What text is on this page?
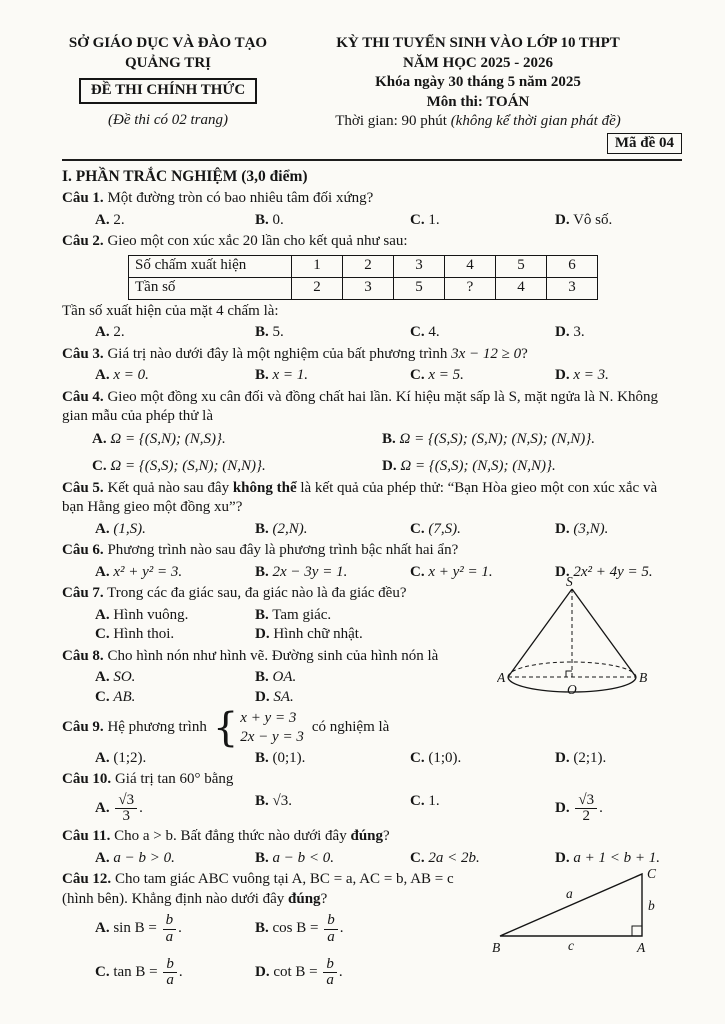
SỞ GIÁO DỤC VÀ ĐÀO TẠO
QUẢNG TRỊ
ĐỀ THI CHÍNH THỨC
(Đề thi có 02 trang)
KỲ THI TUYỂN SINH VÀO LỚP 10 THPT
NĂM HỌC 2025 - 2026
Khóa ngày 30 tháng 5 năm 2025
Môn thi: TOÁN
Thời gian: 90 phút (không kể thời gian phát đề)
Mã đề 04
I. PHẦN TRẮC NGHIỆM (3,0 điểm)
Câu 1. Một đường tròn có bao nhiêu tâm đối xứng?
A. 2.	B. 0.	C. 1.	D. Vô số.
Câu 2. Gieo một con xúc xắc 20 lần cho kết quả như sau:
Số chấm xuất hiện	1	2	3	4	5	6
Tần số	2	3	5	?	4	3
Tần số xuất hiện của mặt 4 chấm là:
A. 2.	B. 5.	C. 4.	D. 3.
Câu 3. Giá trị nào dưới đây là một nghiệm của bất phương trình 3x − 12 ≥ 0?
A. x = 0.	B. x = 1.	C. x = 5.	D. x = 3.
Câu 4. Gieo một đồng xu cân đối và đồng chất hai lần. Kí hiệu mặt sấp là S, mặt ngửa là N. Không gian mẫu của phép thử là
A. Ω = {(S,N); (N,S)}.	B. Ω = {(S,S); (S,N); (N,S); (N,N)}.
C. Ω = {(S,S); (S,N); (N,N)}.	D. Ω = {(S,S); (N,S); (N,N)}.
Câu 5. Kết quả nào sau đây không thể là kết quả của phép thử: “Bạn Hòa gieo một con xúc xắc và bạn Hằng gieo một đồng xu”?
A. (1,S).	B. (2,N).	C. (7,S).	D. (3,N).
Câu 6. Phương trình nào sau đây là phương trình bậc nhất hai ẩn?
A. x² + y² = 3.	B. 2x − 3y = 1.	C. x + y² = 1.	D. 2x² + 4y = 5.
Câu 7. Trong các đa giác sau, đa giác nào là đa giác đều?
A. Hình vuông.	B. Tam giác.
C. Hình thoi.	D. Hình chữ nhật.
Câu 8. Cho hình nón như hình vẽ. Đường sinh của hình nón là
A. SO.	B. OA.
C. AB.	D. SA.
Câu 9.
Hệ phương trình { x + y = 3
2x − y = 3
có nghiệm là
A. (1;2).	B. (0;1).	C. (1;0).	D. (2;1).
Câu 10. Giá trị tan 60° bằng
A. $\frac{√3}{3}$ .	B. √3.	C. 1.	D. $\frac{√3}{2}$ .
Câu 11. Cho a > b. Bất đẳng thức nào dưới đây đúng?
A. a − b > 0.	B. a − b < 0.	C. 2a < 2b.	D. a + 1 < b + 1.
Câu 12. Cho tam giác ABC vuông tại A, BC = a, AC = b, AB = c
(hình bên). Khẳng định nào dưới đây đúng?
A. $\sin B = \frac{b}{a}$ .	B. $\cos B = \frac{b}{a}$ .
C. $\tan B = \frac{b}{a}$ .	D. $\cot B = \frac{b}{a}$ .
S
A	B
O
B	A
C
a
b
c
